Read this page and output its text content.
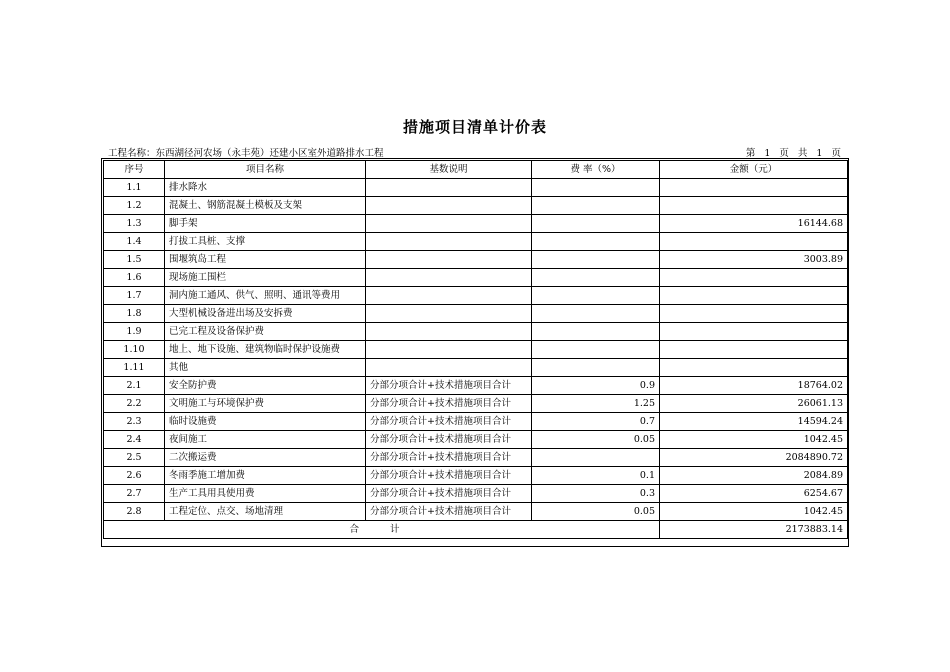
措施项目清单计价表
工程名称：东西湖径河农场（永丰苑）还建小区室外道路排水工程	第 1 页 共 1 页
序号	项目名称	基数说明	费 率（%）	金额（元）
1.1	排水降水			
1.2	混凝土、钢筋混凝土模板及支架			
1.3	脚手架			16144.68
1.4	打拔工具桩、支撑			
1.5	围堰筑岛工程			3003.89
1.6	现场施工围栏			
1.7	洞内施工通风、供气、照明、通讯等费用			
1.8	大型机械设备进出场及安拆费			
1.9	已完工程及设备保护费			
1.10	地上、地下设施、建筑物临时保护设施费			
1.11	其他			
2.1	安全防护费	分部分项合计+技术措施项目合计	0.9	18764.02
2.2	文明施工与环境保护费	分部分项合计+技术措施项目合计	1.25	26061.13
2.3	临时设施费	分部分项合计+技术措施项目合计	0.7	14594.24
2.4	夜间施工	分部分项合计+技术措施项目合计	0.05	1042.45
2.5	二次搬运费	分部分项合计+技术措施项目合计		2084890.72
2.6	冬雨季施工增加费	分部分项合计+技术措施项目合计	0.1	2084.89
2.7	生产工具用具使用费	分部分项合计+技术措施项目合计	0.3	6254.67
2.8	工程定位、点交、场地清理	分部分项合计+技术措施项目合计	0.05	1042.45
合 计				2173883.14
